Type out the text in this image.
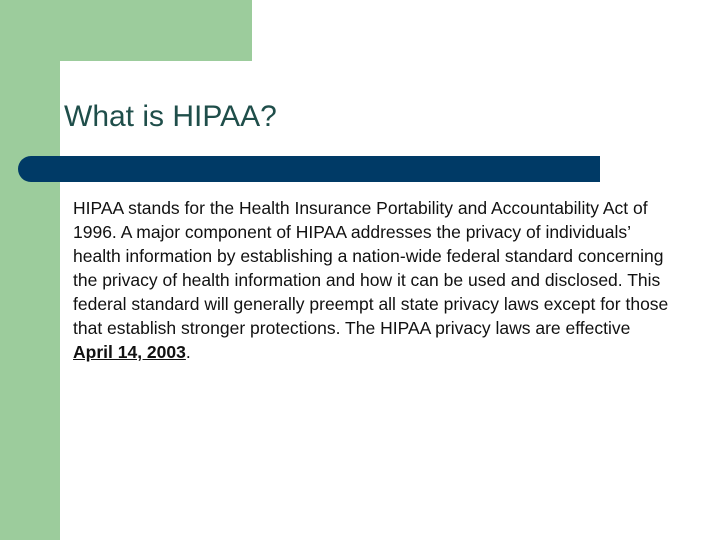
What is HIPAA?

HIPAA stands for the Health Insurance Portability and Accountability Act of 1996. A major component of HIPAA addresses the privacy of individuals’ health information by establishing a nation-wide federal standard concerning the privacy of health information and how it can be used and disclosed. This federal standard will generally preempt all state privacy laws except for those that establish stronger protections. The HIPAA privacy laws are effective April 14, 2003.
